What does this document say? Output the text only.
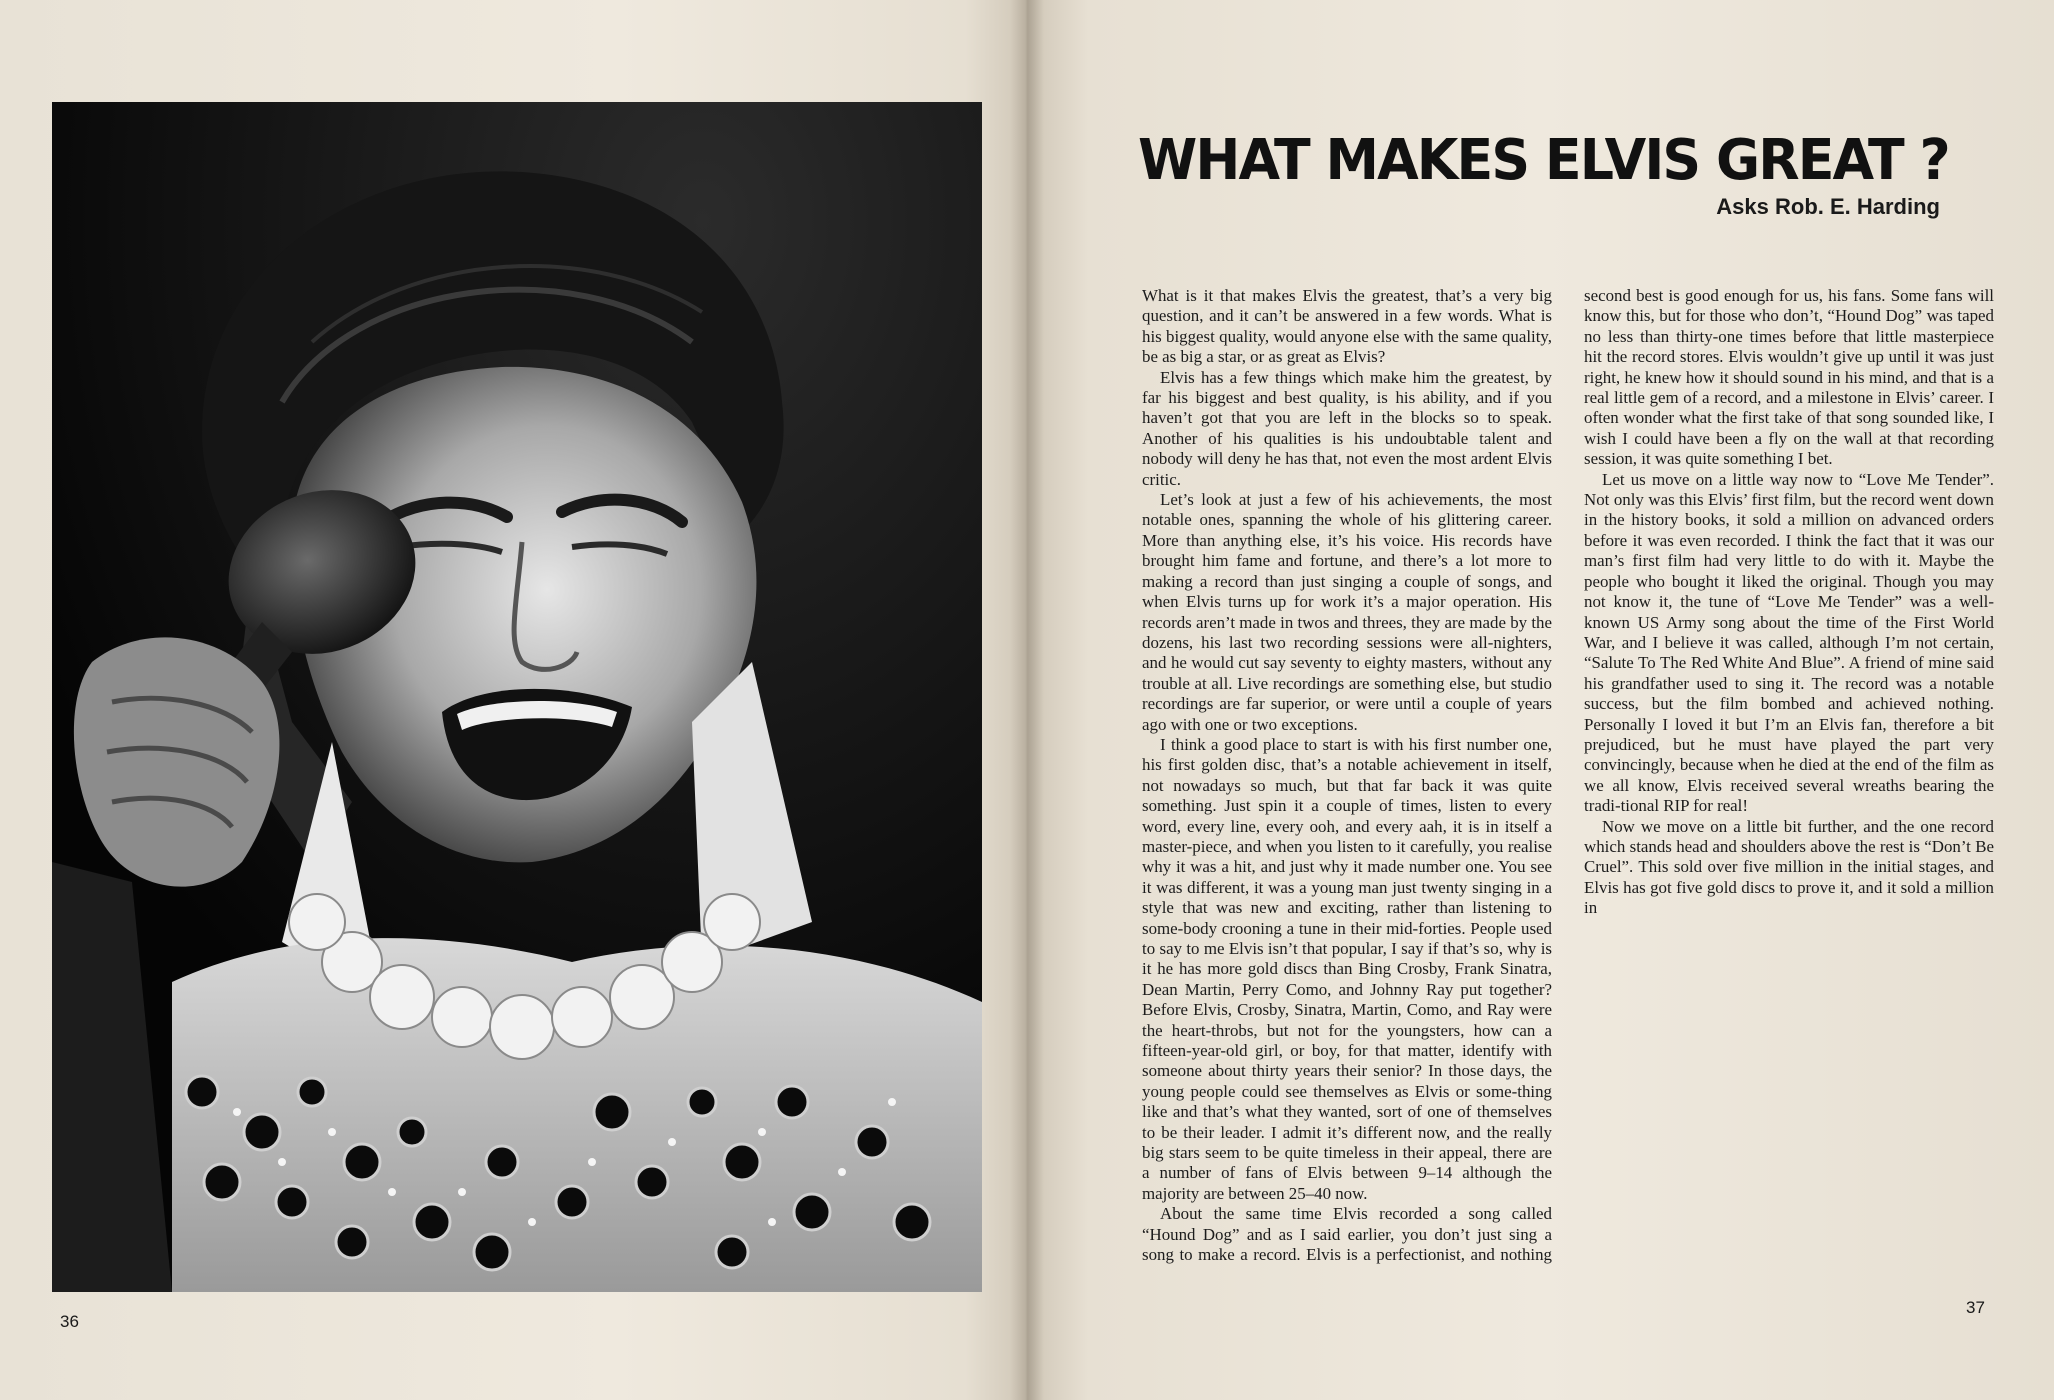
36
WHAT MAKES ELVIS GREAT ?
Asks Rob. E. Harding

What is it that makes Elvis the greatest, that’s a very big question, and it can’t be answered in a few words. What is his biggest quality, would anyone else with the same quality, be as big a star, or as great as Elvis?

Elvis has a few things which make him the greatest, by far his biggest and best quality, is his ability, and if you haven’t got that you are left in the blocks so to speak. Another of his qualities is his undoubtable talent and nobody will deny he has that, not even the most ardent Elvis critic.

Let’s look at just a few of his achievements, the most notable ones, spanning the whole of his glittering career. More than anything else, it’s his voice. His records have brought him fame and fortune, and there’s a lot more to making a record than just singing a couple of songs, and when Elvis turns up for work it’s a major operation. His records aren’t made in twos and threes, they are made by the dozens, his last two recording sessions were all-nighters, and he would cut say seventy to eighty masters, without any trouble at all. Live recordings are something else, but studio recordings are far superior, or were until a couple of years ago with one or two exceptions.

I think a good place to start is with his first number one, his first golden disc, that’s a notable achievement in itself, not nowadays so much, but that far back it was quite something. Just spin it a couple of times, listen to every word, every line, every ooh, and every aah, it is in itself a master-piece, and when you listen to it carefully, you realise why it was a hit, and just why it made number one. You see it was different, it was a young man just twenty singing in a style that was new and exciting, rather than listening to some-body crooning a tune in their mid-forties. People used to say to me Elvis isn’t that popular, I say if that’s so, why is it he has more gold discs than Bing Crosby, Frank Sinatra, Dean Martin, Perry Como, and Johnny Ray put together? Before Elvis, Crosby, Sinatra, Martin, Como, and Ray were the heart-throbs, but not for the youngsters, how can a fifteen-year-old girl, or boy, for that matter, identify with someone about thirty years their senior? In those days, the young people could see themselves as Elvis or some-thing like and that’s what they wanted, sort of one of themselves to be their leader. I admit it’s different now, and the really big stars seem to be quite timeless in their appeal, there are a number of fans of Elvis between 9–14 although the majority are between 25–40 now.

About the same time Elvis recorded a song called “Hound Dog” and as I said earlier, you don’t just sing a song to make a record. Elvis is a perfectionist, and nothing second best is good enough for us, his fans. Some fans will know this, but for those who don’t, “Hound Dog” was taped no less than thirty-one times before that little masterpiece hit the record stores. Elvis wouldn’t give up until it was just right, he knew how it should sound in his mind, and that is a real little gem of a record, and a milestone in Elvis’ career. I often wonder what the first take of that song sounded like, I wish I could have been a fly on the wall at that recording session, it was quite something I bet.

Let us move on a little way now to “Love Me Tender”. Not only was this Elvis’ first film, but the record went down in the history books, it sold a million on advanced orders before it was even recorded. I think the fact that it was our man’s first film had very little to do with it. Maybe the people who bought it liked the original. Though you may not know it, the tune of “Love Me Tender” was a well-known US Army song about the time of the First World War, and I believe it was called, although I’m not certain, “Salute To The Red White And Blue”. A friend of mine said his grandfather used to sing it. The record was a notable success, but the film bombed and achieved nothing. Personally I loved it but I’m an Elvis fan, therefore a bit prejudiced, but he must have played the part very convincingly, because when he died at the end of the film as we all know, Elvis received several wreaths bearing the tradi-tional RIP for real!

Now we move on a little bit further, and the one record which stands head and shoulders above the rest is “Don’t Be Cruel”. This sold over five million in the initial stages, and Elvis has got five gold discs to prove it, and it sold a million in

37
